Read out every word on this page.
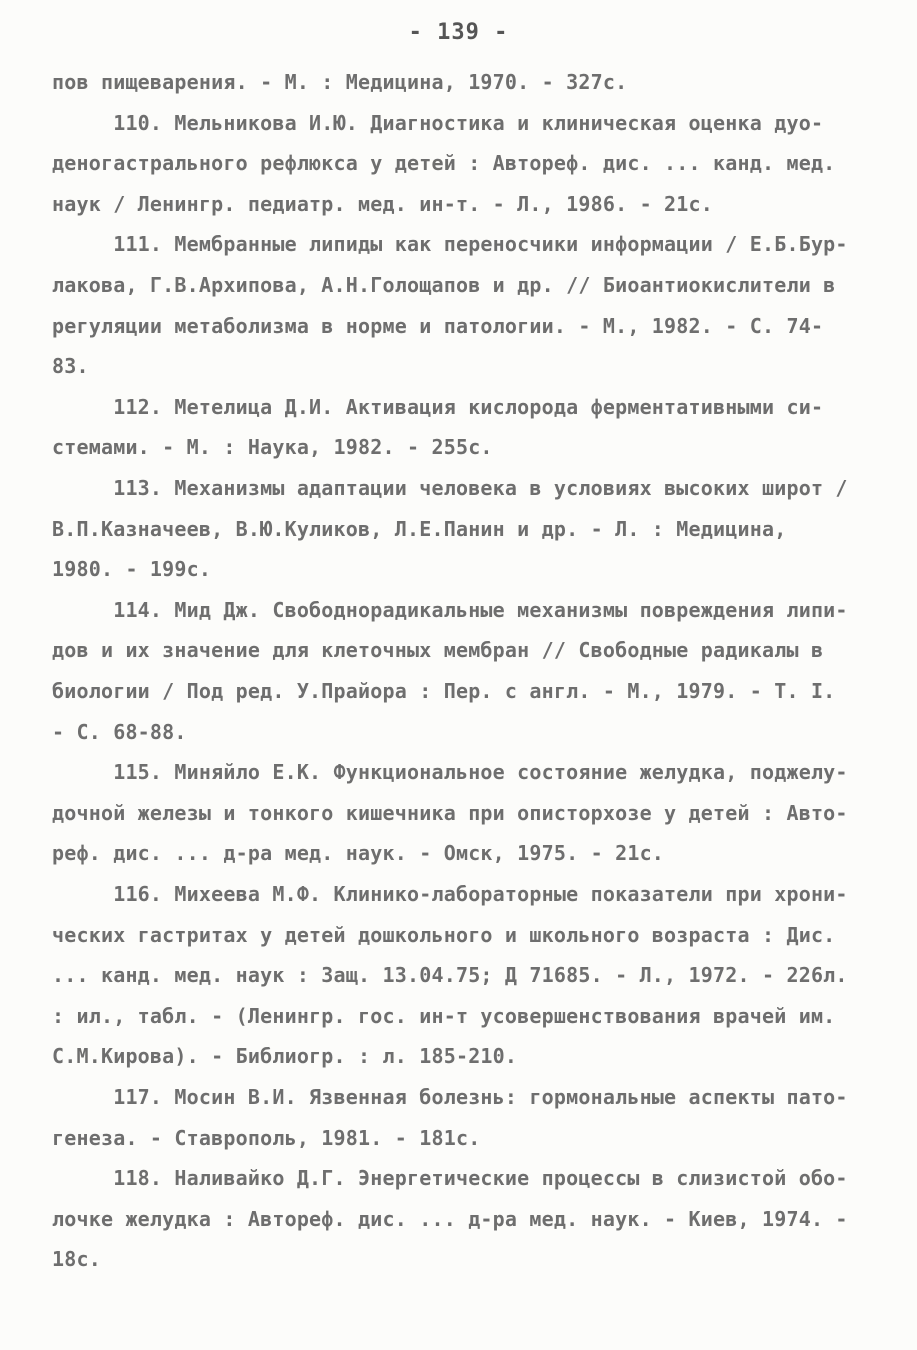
- 139 -
пов пищеварения. - М. : Медицина, 1970. - 327с.
110. Мельникова И.Ю. Диагностика и клиническая оценка дуо-
деногастрального рефлюкса у детей : Автореф. дис. ... канд. мед.
наук / Ленингр. педиатр. мед. ин-т. - Л., 1986. - 21с.
111. Мембранные липиды как переносчики информации / Е.Б.Бур-
лакова, Г.В.Архипова, А.Н.Голощапов и др. // Биоантиокислители в
регуляции метаболизма в норме и патологии. - М., 1982. - С. 74-
83.
112. Метелица Д.И. Активация кислорода ферментативными си-
стемами. - М. : Наука, 1982. - 255с.
113. Механизмы адаптации человека в условиях высоких широт /
В.П.Казначеев, В.Ю.Куликов, Л.Е.Панин и др. - Л. : Медицина,
1980. - 199с.
114. Мид Дж. Свободнорадикальные механизмы повреждения липи-
дов и их значение для клеточных мембран // Свободные радикалы в
биологии / Под ред. У.Прайора : Пер. с англ. - М., 1979. - Т. I.
- С. 68-88.
115. Миняйло Е.К. Функциональное состояние желудка, поджелу-
дочной железы и тонкого кишечника при описторхозе у детей : Авто-
реф. дис. ... д-ра мед. наук. - Омск, 1975. - 21с.
116. Михеева М.Ф. Клинико-лабораторные показатели при хрони-
ческих гастритах у детей дошкольного и школьного возраста : Дис.
... канд. мед. наук : Защ. 13.04.75; Д 71685. - Л., 1972. - 226л.
: ил., табл. - (Ленингр. гос. ин-т усовершенствования врачей им.
С.М.Кирова). - Библиогр. : л. 185-210.
117. Мосин В.И. Язвенная болезнь: гормональные аспекты пато-
генеза. - Ставрополь, 1981. - 181с.
118. Наливайко Д.Г. Энергетические процессы в слизистой обо-
лочке желудка : Автореф. дис. ... д-ра мед. наук. - Киев, 1974. -
18с.
